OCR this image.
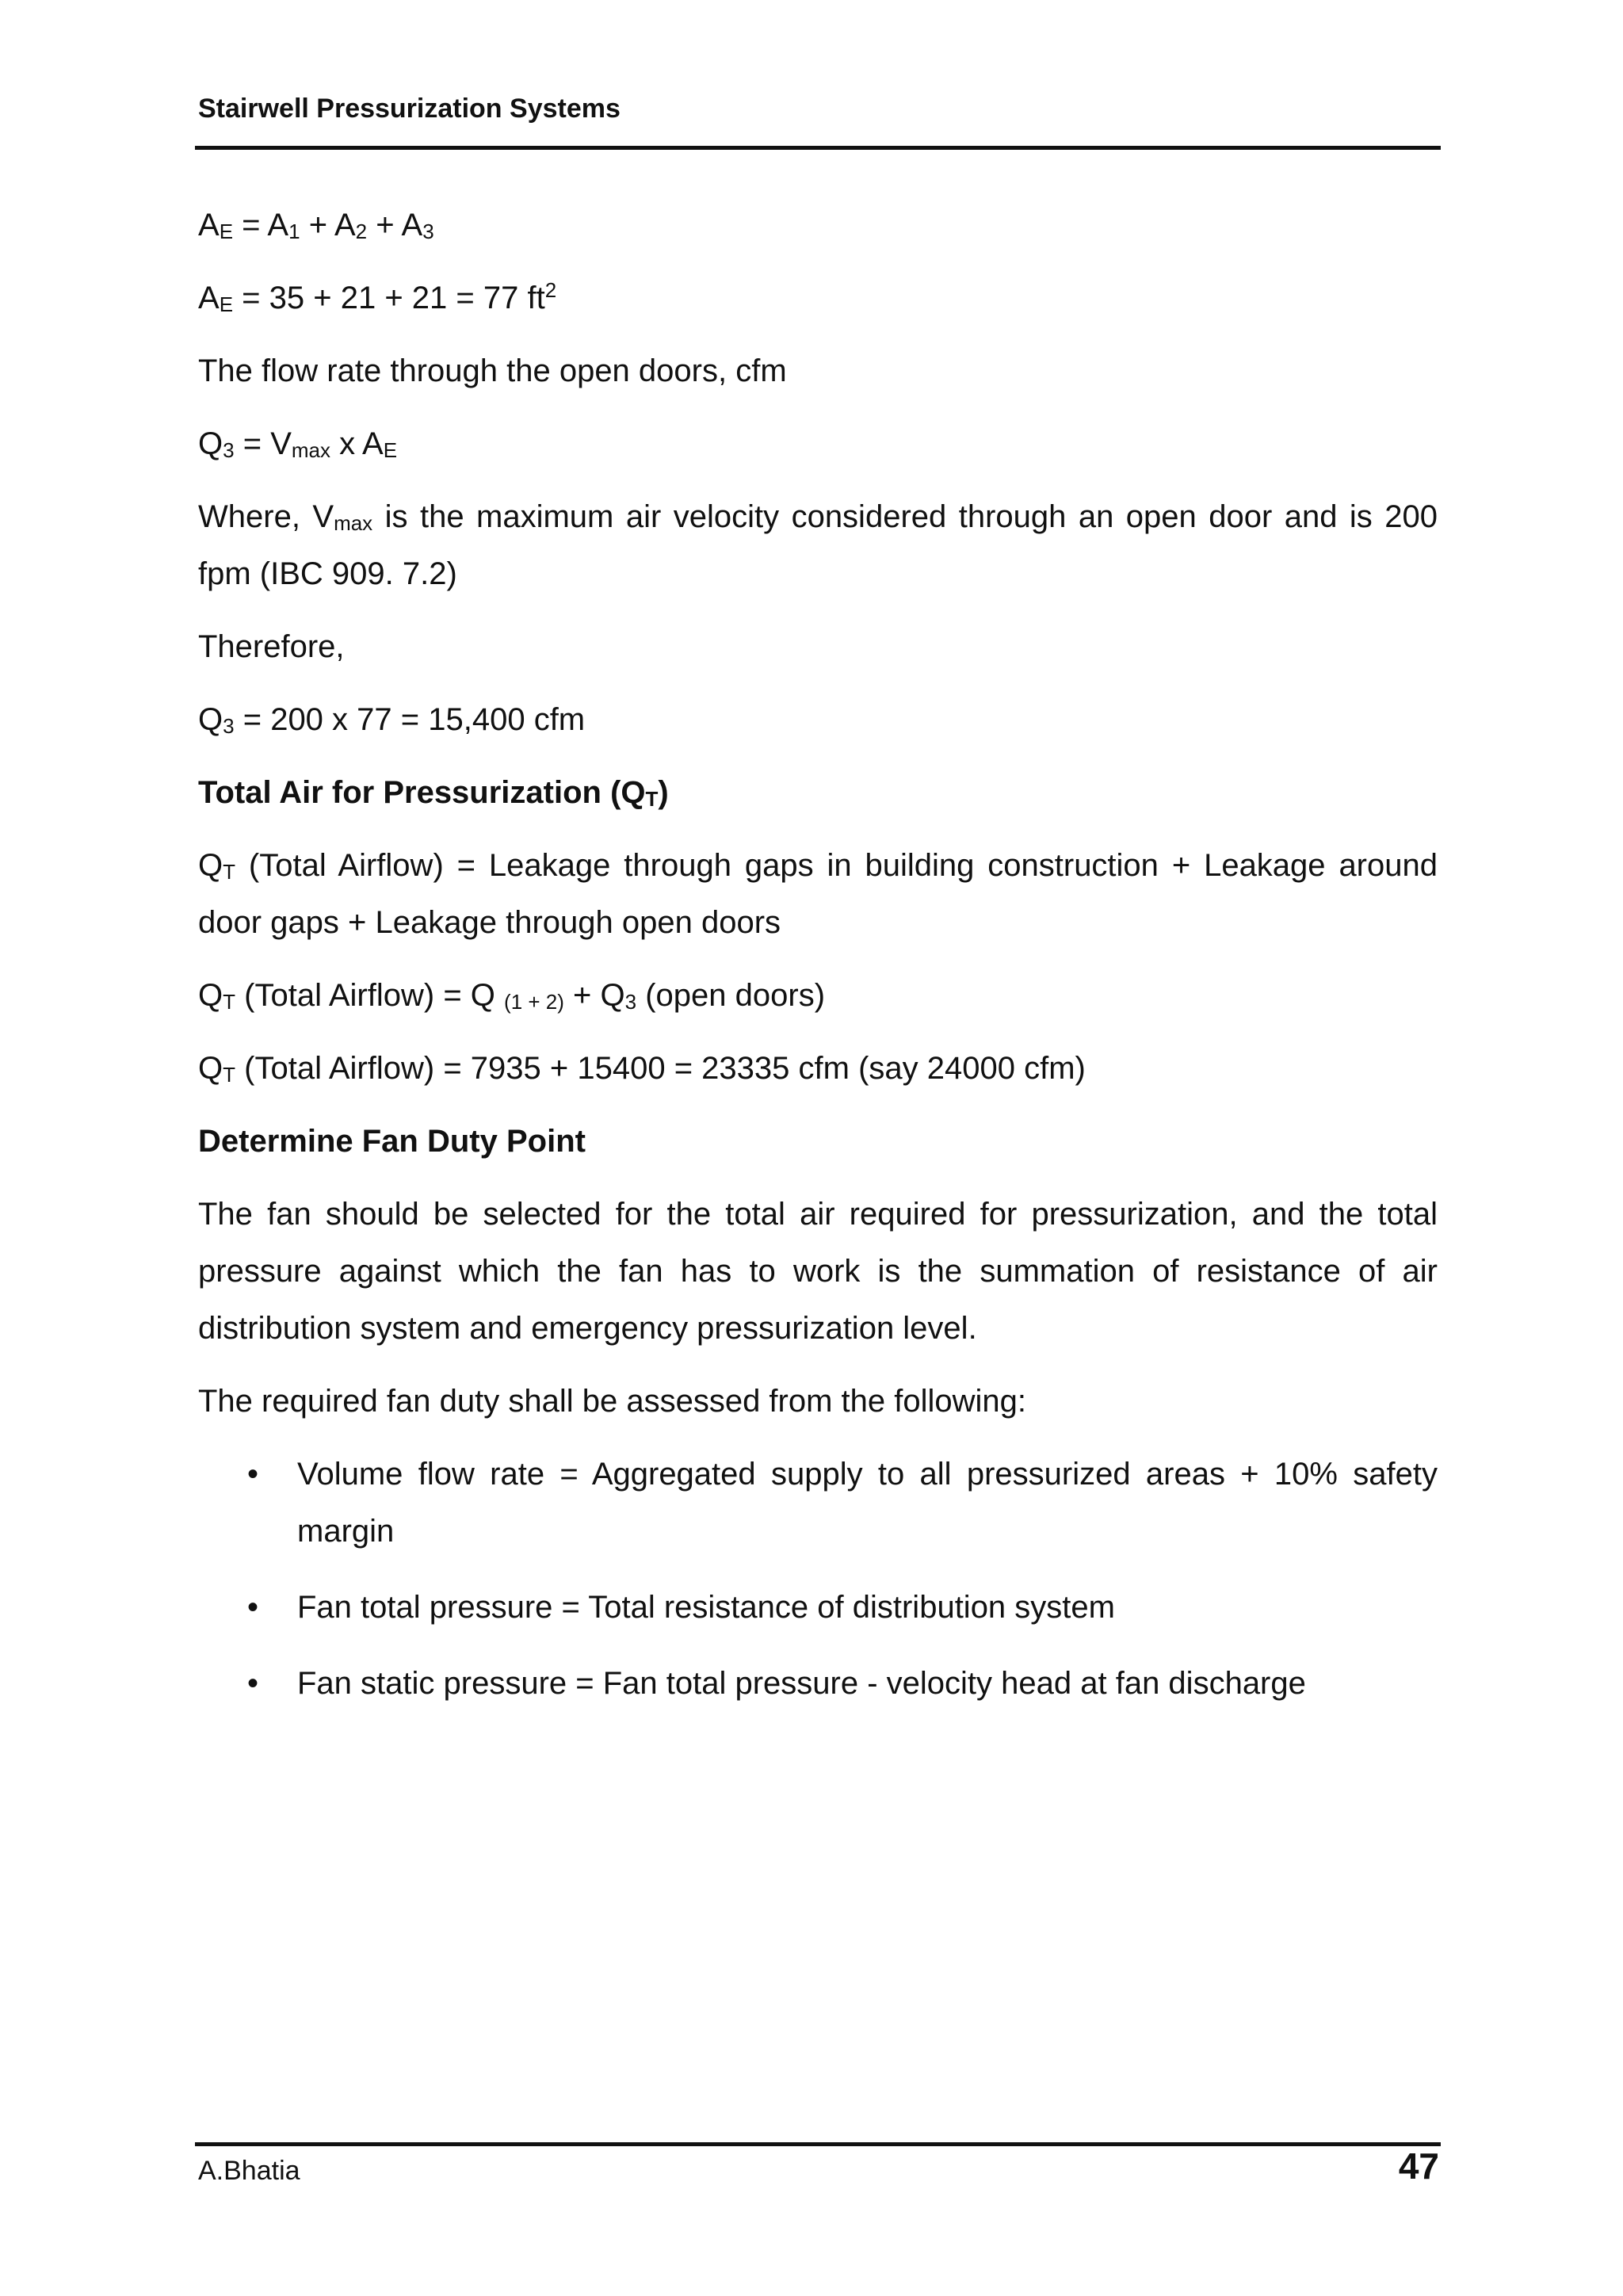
Stairwell Pressurization Systems

$A_E = A_1 + A_2 + A_3$

$A_E = 35 + 21 + 21 = 77$ $ft^2$

The flow rate through the open doors, cfm

$Q_3 = V_{max}$ x $A_E$

Where, $V_{max}$ is the maximum air velocity considered through an open door and is 200 fpm (IBC 909. 7.2)

Therefore,

$Q_3 = 200$ x 77 = 15,400 cfm

Total Air for Pressurization $(Q_T)$

$Q_T$ (Total Airflow) = Leakage through gaps in building construction + Leakage around door gaps + Leakage through open doors

$Q_T$ (Total Airflow) = Q $_{(1 + 2)} + Q_3$ (open doors)

$Q_T$ (Total Airflow) = 7935 + 15400 = 23335 cfm (say 24000 cfm)

Determine Fan Duty Point

The fan should be selected for the total air required for pressurization, and the total pressure against which the fan has to work is the summation of resistance of air distribution system and emergency pressurization level.

The required fan duty shall be assessed from the following:

• Volume flow rate = Aggregated supply to all pressurized areas + 10% safety margin
• Fan total pressure = Total resistance of distribution system
• Fan static pressure = Fan total pressure - velocity head at fan discharge
A.Bhatia	47
